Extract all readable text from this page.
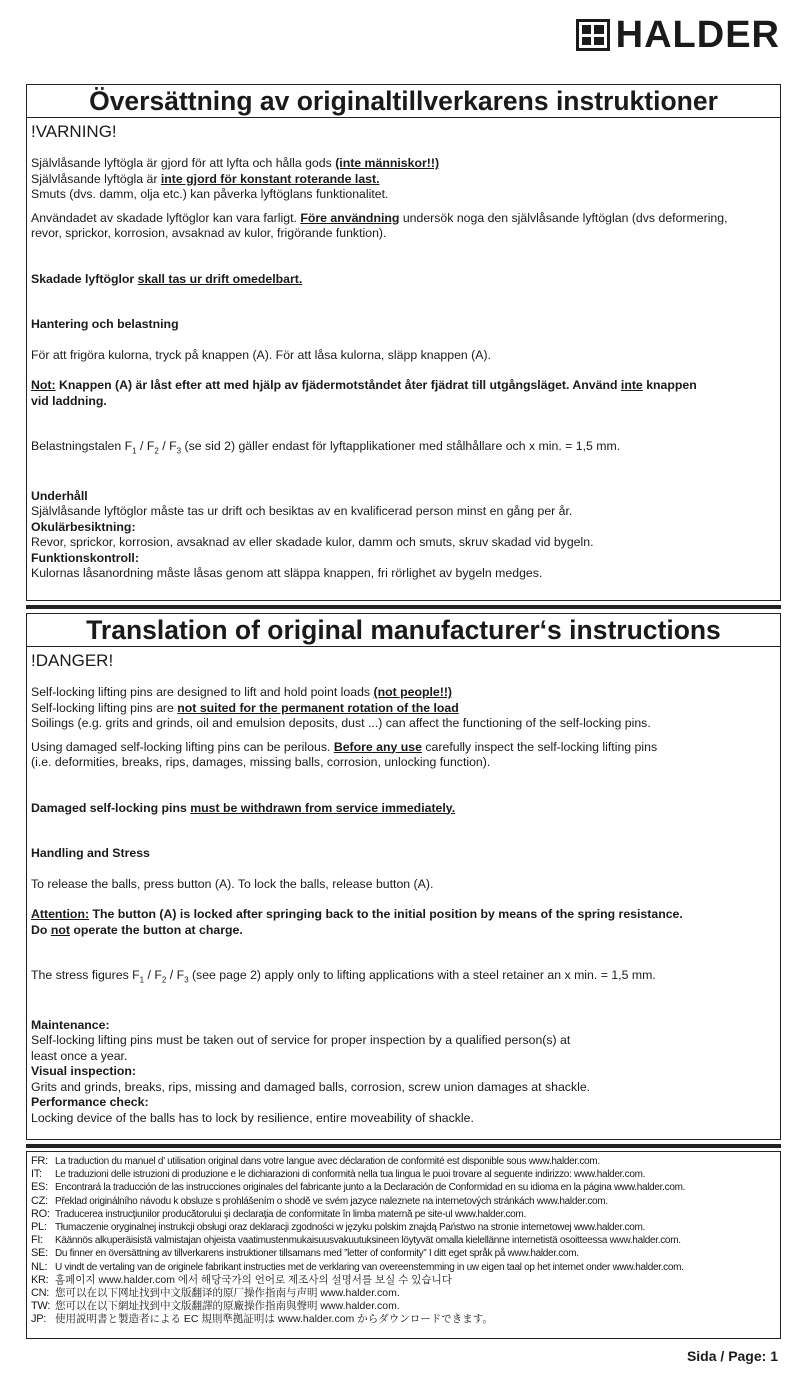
HALDER
Översättning av originaltillverkarens instruktioner
!VARNING!

Självlåsande lyftögla är gjord för att lyfta och hålla gods (inte människor!!)

Självlåsande lyftögla är inte gjord för konstant roterande last.

Smuts (dvs. damm, olja etc.) kan påverka lyftöglans funktionalitet.

Användadet av skadade lyftöglor kan vara farligt. Före användning undersök noga den självlåsande lyftöglan (dvs deformering,

revor, sprickor, korrosion, avsaknad av kulor, frigörande funktion).

Skadade lyftöglor skall tas ur drift omedelbart.

Hantering och belastning

För att frigöra kulorna, tryck på knappen (A). För att låsa kulorna, släpp knappen (A).

Not: Knappen (A) är låst efter att med hjälp av fjädermotståndet åter fjädrat till utgångsläget. Använd inte knappen

vid laddning.

Belastningstalen $F_1 / F_2 / F_3$ (se sid 2) gäller endast för lyftapplikationer med stålhållare och x min. = 1,5 mm.

Underhåll

Självlåsande lyftöglor måste tas ur drift och besiktas av en kvalificerad person minst en gång per år.

Okulärbesiktning:

Revor, sprickor, korrosion, avsaknad av eller skadade kulor, damm och smuts, skruv skadad vid bygeln.

Funktionskontroll:

Kulornas låsanordning måste låsas genom att släppa knappen, fri rörlighet av bygeln medges.

Translation of original manufacturer‘s instructions
!DANGER!

Self-locking lifting pins are designed to lift and hold point loads (not people!!)

Self-locking lifting pins are not suited for the permanent rotation of the load

Soilings (e.g. grits and grinds, oil and emulsion deposits, dust ...) can affect the functioning of the self-locking pins.

Using damaged self-locking lifting pins can be perilous. Before any use carefully inspect the self-locking lifting pins

(i.e. deformities, breaks, rips, damages, missing balls, corrosion, unlocking function).

Damaged self-locking pins must be withdrawn from service immediately.

Handling and Stress

To release the balls, press button (A). To lock the balls, release button (A).

Attention: The button (A) is locked after springing back to the initial position by means of the spring resistance.

Do not operate the button at charge.

The stress figures $F_1 / F_2 / F_3$ (see page 2) apply only to lifting applications with a steel retainer an x min. = 1,5 mm.

Maintenance:

Self-locking lifting pins must be taken out of service for proper inspection by a qualified person(s) at

least once a year.

Visual inspection:

Grits and grinds, breaks, rips, missing and damaged balls, corrosion, screw union damages at shackle.

Performance check:

Locking device of the balls has to lock by resilience, entire moveability of shackle.

FR: La traduction du manuel d’ utilisation original dans votre langue avec déclaration de conformité est disponible sous www.halder.com.
IT:	Le traduzioni delle istruzioni di produzione e le dichiarazioni di conformità nella tua lingua le puoi trovare al seguente indirizzo: www.halder.com.
ES: Encontrará la traducción de las instrucciones originales del fabricante junto a la Declaración de Conformidad en su idioma en la página www.halder.com.
CZ: Překlad originálního návodu k obsluze s prohlášením o shodě ve svém jazyce naleznete na internetových stránkách www.halder.com.
RO: Traducerea instrucţiunilor producătorului şi declaraţia de conformitate în limba maternă pe site-ul www.halder.com.
PL: Tłumaczenie oryginalnej instrukcji obsługi oraz deklaracji zgodności w języku polskim znajdą Państwo na stronie internetowej www.halder.com.
FI:	Käännös alkuperäisistä valmistajan ohjeista vaatimustenmukaisuusvakuutuksineen löytyvät omalla kielellänne internetistä osoitteessa www.halder.com.
SE: Du finner en översättning av tillverkarens instruktioner tillsamans med ”letter of conformity” I ditt eget språk på www.halder.com.
NL: U vindt de vertaling van de originele fabrikant instructies met de verklaring van overeenstemming in uw eigen taal op het internet onder www.halder.com.
KR: 홈페이지 www.halder.com 에서 해당국가의 언어로 제조사의 설명서를 보실 수 있습니다
CN: 您可以在以下网址找到中文版翻译的原厂操作指南与声明 www.halder.com.
TW: 您可以在以下網址找到中文版翻譯的原廠操作指南與聲明 www.halder.com.
JP: 使用説明書と製造者による EC 規則準拠証明は www.halder.com からダウンロードできます。
Sida / Page: 1
